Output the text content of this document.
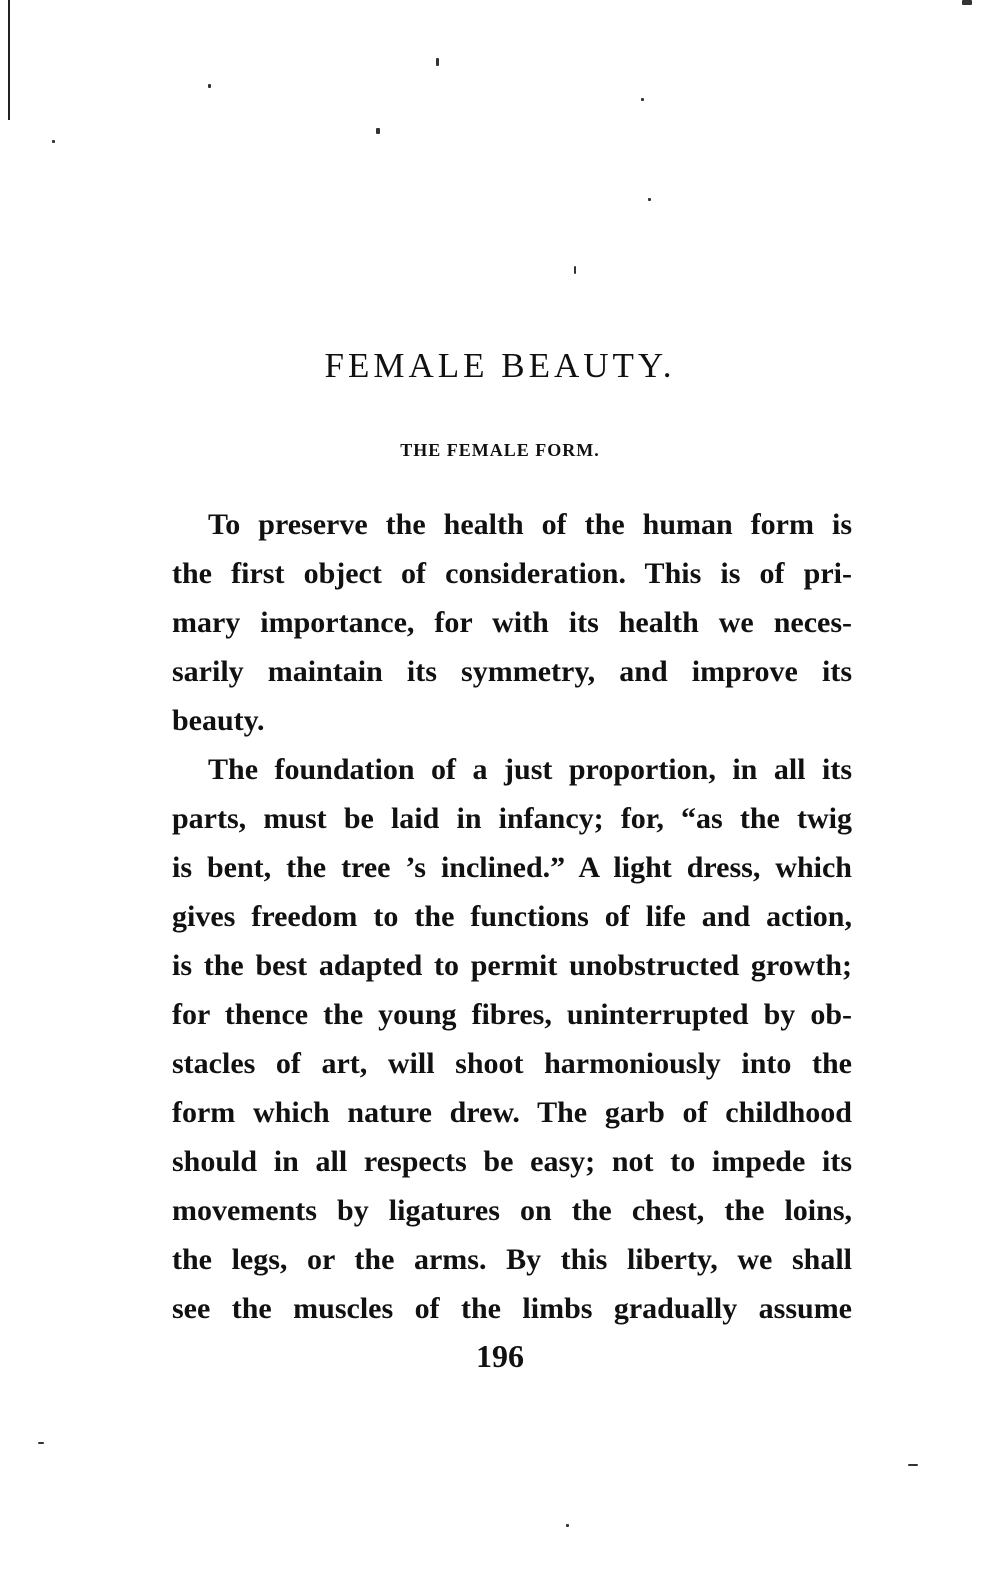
FEMALE BEAUTY.
THE FEMALE FORM.

To preserve the health of the human form is
the first object of consideration. This is of pri-
mary importance, for with its health we neces-
sarily maintain its symmetry, and improve its
beauty.

The foundation of a just proportion, in all its
parts, must be laid in infancy; for, “as the twig
is bent, the tree ’s inclined.” A light dress, which
gives freedom to the functions of life and action,
is the best adapted to permit unobstructed growth;
for thence the young fibres, uninterrupted by ob-
stacles of art, will shoot harmoniously into the
form which nature drew. The garb of childhood
should in all respects be easy; not to impede its
movements by ligatures on the chest, the loins,
the legs, or the arms. By this liberty, we shall
see the muscles of the limbs gradually assume

196
